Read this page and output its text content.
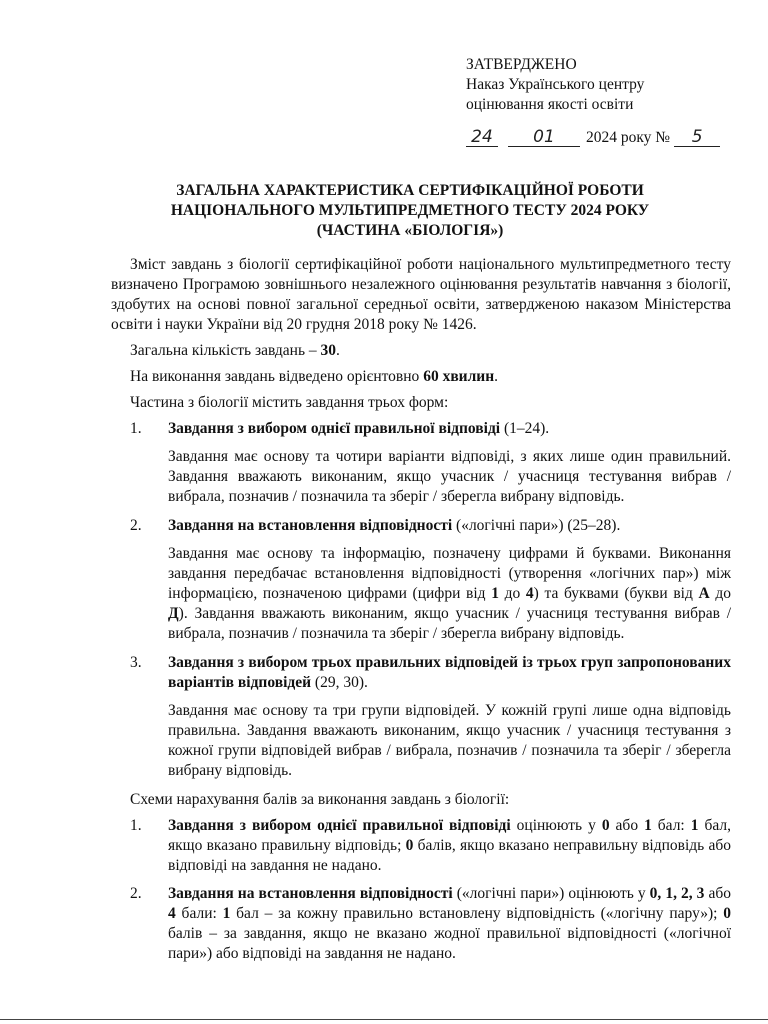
ЗАТВЕРДЖЕНО
Наказ Українського центру
оцінювання якості освіти
24	01	2024 року №	5
ЗАГАЛЬНА ХАРАКТЕРИСТИКА СЕРТИФІКАЦІЙНОЇ РОБОТИ
НАЦІОНАЛЬНОГО МУЛЬТИПРЕДМЕТНОГО ТЕСТУ 2024 РОКУ
(ЧАСТИНА «БІОЛОГІЯ»)

Зміст завдань з біології сертифікаційної роботи національного мультипредметного тесту визначено Програмою зовнішнього незалежного оцінювання результатів навчання з біології, здобутих на основі повної загальної середньої освіти, затвердженою наказом Міністерства освіти і науки України від 20 грудня 2018 року № 1426.

Загальна кількість завдань – 30.

На виконання завдань відведено орієнтовно 60 хвилин.

Частина з біології містить завдання трьох форм:

1.	Завдання з вибором однієї правильної відповіді (1–24).

Завдання має основу та чотири варіанти відповіді, з яких лише один правильний. Завдання вважають виконаним, якщо учасник / учасниця тестування вибрав / вибрала, позначив / позначила та зберіг / зберегла вибрану відповідь.

2.	Завдання на встановлення відповідності («логічні пари») (25–28).

Завдання має основу та інформацію, позначену цифрами й буквами. Виконання завдання передбачає встановлення відповідності (утворення «логічних пар») між інформацією, позначеною цифрами (цифри від 1 до 4) та буквами (букви від А до Д). Завдання вважають виконаним, якщо учасник / учасниця тестування вибрав / вибрала, позначив / позначила та зберіг / зберегла вибрану відповідь.

3.	Завдання з вибором трьох правильних відповідей із трьох груп запропонованих варіантів відповідей (29, 30).

Завдання має основу та три групи відповідей. У кожній групі лише одна відповідь правильна. Завдання вважають виконаним, якщо учасник / учасниця тестування з кожної групи відповідей вибрав / вибрала, позначив / позначила та зберіг / зберегла вибрану відповідь.

Схеми нарахування балів за виконання завдань з біології:

1.	Завдання з вибором однієї правильної відповіді оцінюють у 0 або 1 бал: 1 бал, якщо вказано правильну відповідь; 0 балів, якщо вказано неправильну відповідь або відповіді на завдання не надано.
2.	Завдання на встановлення відповідності («логічні пари») оцінюють у 0, 1, 2, 3 або 4 бали: 1 бал – за кожну правильно встановлену відповідність («логічну пару»); 0 балів – за завдання, якщо не вказано жодної правильної відповідності («логічної пари») або відповіді на завдання не надано.
